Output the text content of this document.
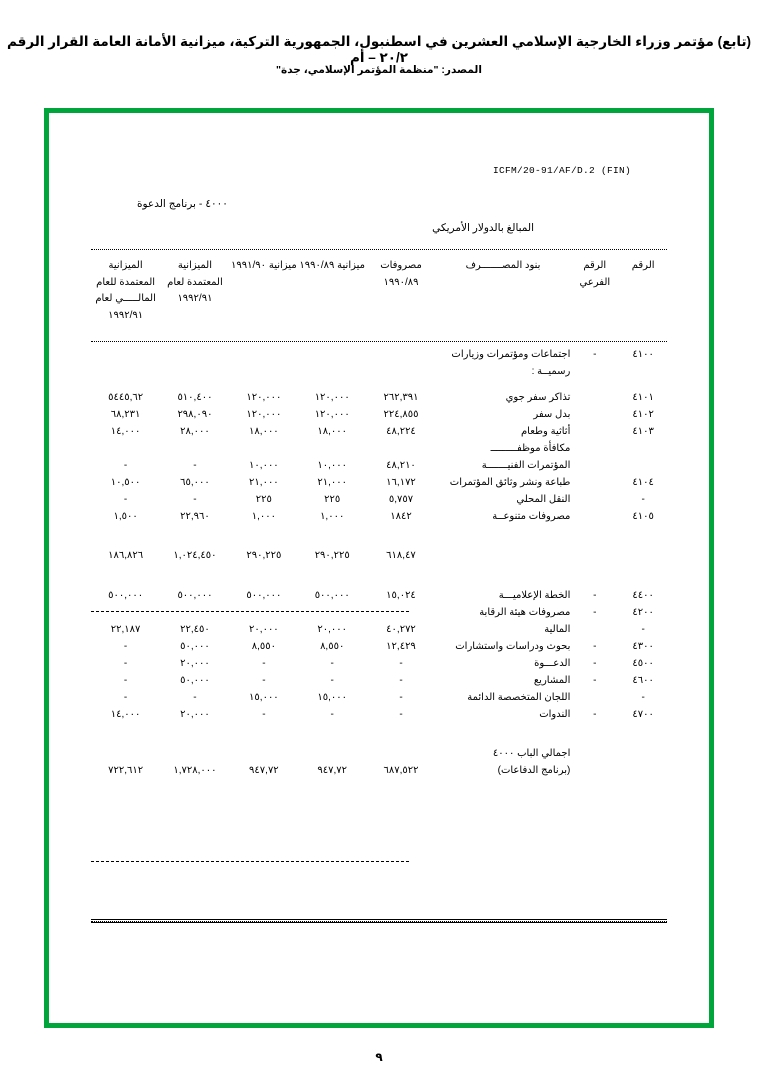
(تابع) مؤتمر وزراء الخارجية الإسلامي العشرين في اسطنبول، الجمهورية التركية، ميزانية الأمانة العامة القرار الرقم ٢٠/٢ – أم
المصدر: "منظمة المؤتمر الإسلامي، جدة"
ICFM/20-91/AF/D.2 (FIN)
٤٠٠٠ - برنامج الدعوة
المبالغ بالدولار الأمريكي
الرقم	الرقم الفرعي	بنود المصـــــــرف	مصروفات ١٩٩٠/٨٩	ميزانية ١٩٩٠/٨٩	ميزانية ١٩٩١/٩٠	الميزانية المعتمدة لعام ١٩٩٢/٩١	الميزانية المعتمدة للعام المالـــــي لعام ١٩٩٢/٩١

٤١٠٠	-	اجتماعات ومؤتمرات وزيارات					
		رسميــة :					

٤١٠١		تذاكر سفر جوي	٢٦٢,٣٩١	١٢٠,٠٠٠	١٢٠,٠٠٠	٥١٠,٤٠٠	٥٤٤٥,٦٢
٤١٠٢		بدل سفر	٢٢٤,٨٥٥	١٢٠,٠٠٠	١٢٠,٠٠٠	٢٩٨,٠٩٠	٦٨,٢٣١
٤١٠٣		أثاثية وطعام	٤٨,٢٢٤	١٨,٠٠٠	١٨,٠٠٠	٢٨,٠٠٠	١٤,٠٠٠
		مكافأة موظفـــــــــ					
		المؤتمرات الفنيـــــــة	٤٨,٢١٠	١٠,٠٠٠	١٠,٠٠٠	-	-
٤١٠٤		طباعة ونشر وثائق المؤتمرات	١٦,١٧٢	٢١,٠٠٠	٢١,٠٠٠	٦٥,٠٠٠	١٠,٥٠٠
-		النقل المحلي	٥,٧٥٧	٢٢٥	٢٢٥	-	-
٤١٠٥		مصروفات متنوعــة	١٨٤٢	١,٠٠٠	١,٠٠٠	٢٢,٩٦٠	١,٥٠٠

			٦١٨,٤٧	٢٩٠,٢٢٥	٢٩٠,٢٢٥	١,٠٢٤,٤٥٠	١٨٦,٨٢٦

٤٤٠٠	-	الخطة الإعلاميـــة	١٥,٠٢٤	٥٠٠,٠٠٠	٥٠٠,٠٠٠	٥٠٠,٠٠٠	٥٠٠,٠٠٠
٤٢٠٠	-	مصروفات هيئة الرقابة					
-		المالية	٤٠,٢٧٢	٢٠,٠٠٠	٢٠,٠٠٠	٢٢,٤٥٠	٢٢,١٨٧
٤٣٠٠	-	بحوث ودراسات واستشارات	١٢,٤٢٩	٨,٥٥٠	٨,٥٥٠	٥٠,٠٠٠	-
٤٥٠٠	-	الدعـــوة	-	-	-	٢٠,٠٠٠	-
٤٦٠٠	-	المشاريع	-	-	-	٥٠,٠٠٠	-
-		اللجان المتخصصة الدائمة	-	١٥,٠٠٠	١٥,٠٠٠	-	-
٤٧٠٠	-	الندوات	-	-	-	٢٠,٠٠٠	١٤,٠٠٠

		اجمالي الباب ٤٠٠٠					
		(برنامج الدفاعات)	٦٨٧,٥٢٢	٩٤٧,٧٢	٩٤٧,٧٢	١,٧٢٨,٠٠٠	٧٢٢,٦١٢
٩
